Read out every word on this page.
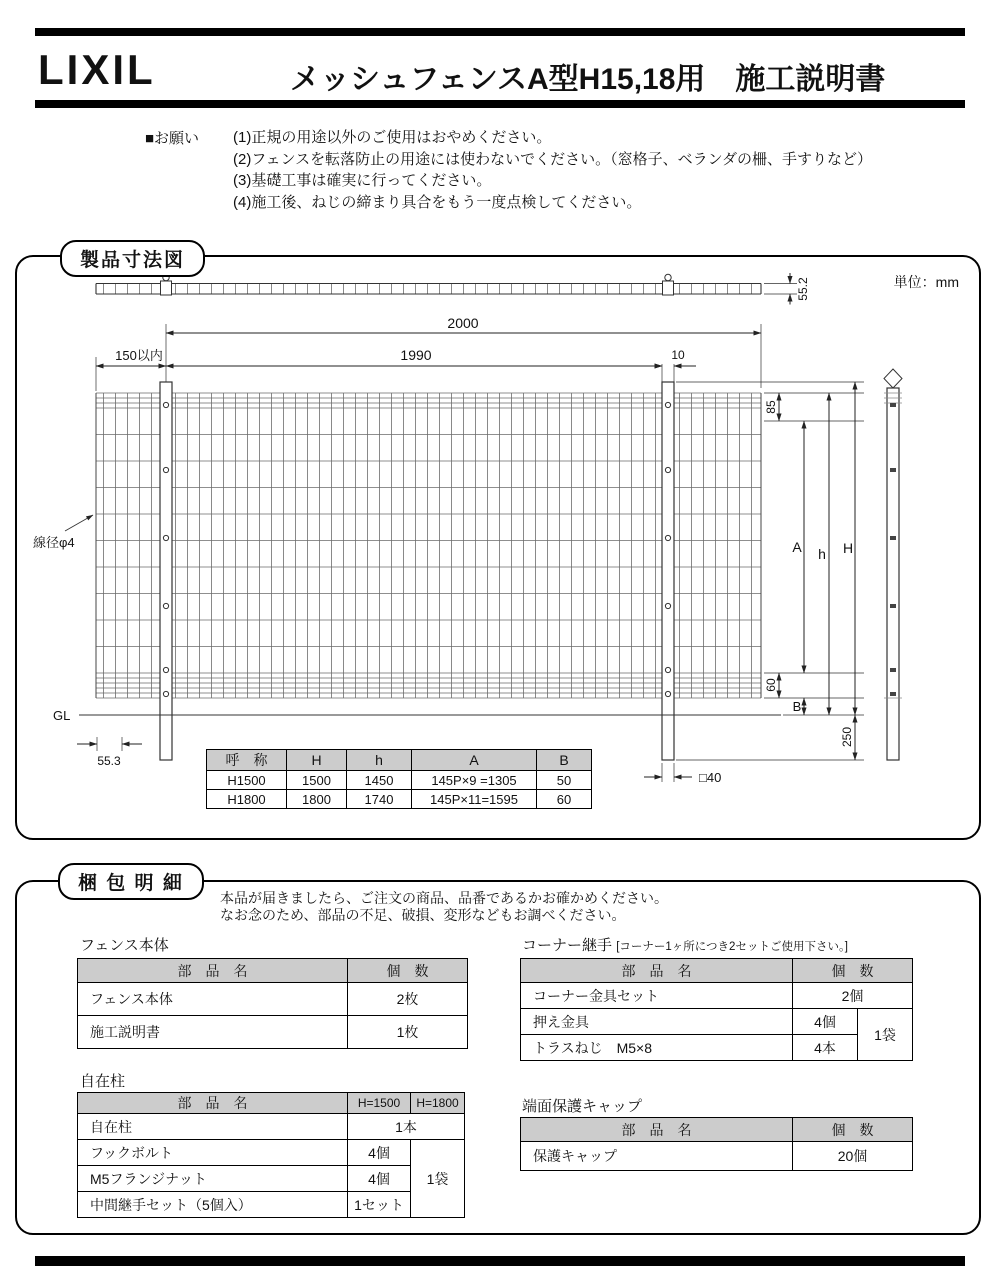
LIXIL	メッシュフェンスA型H15,18用　施工説明書
■お願い (1)正規の用途以外のご使用はおやめください。
(2)フェンスを転落防止の用途には使わないでください。（窓格子、ベランダの柵、手すりなど）
(3)基礎工事は確実に行ってください。
(4)施工後、ねじの締まり具合をもう一度点検してください。
製品寸法図
単位：mm
55.2
2000
150以内	1990	10
GL
線径φ4
55.3
85
A
60
B
h H
250
□40
呼　称	H	h	A	B
H1500	1500	1450	145P×9 =1305	50
H1800	1800	1740	145P×11=1595	60
梱 包 明 細
本品が届きましたら、ご注文の商品、品番であるかお確かめください。
なお念のため、部品の不足、破損、変形などもお調べください。
フェンス本体
部　品　名	個　数
フェンス本体	2枚
施工説明書	1枚
自在柱
部　品　名	H=1500	H=1800
自在柱	1本	
フックボルト	4個	1袋
M5フランジナット	4個	
中間継手セット（5個入）	1セット	
コーナー継手 [コーナー1ヶ所につき2セットご使用下さい。]
部　品　名	個　数	
コーナー金具セット	2個	
押え金具	4個	1袋
トラスねじ　M5×8	4本	
端面保護キャップ
部　品　名	個　数
保護キャップ	20個
